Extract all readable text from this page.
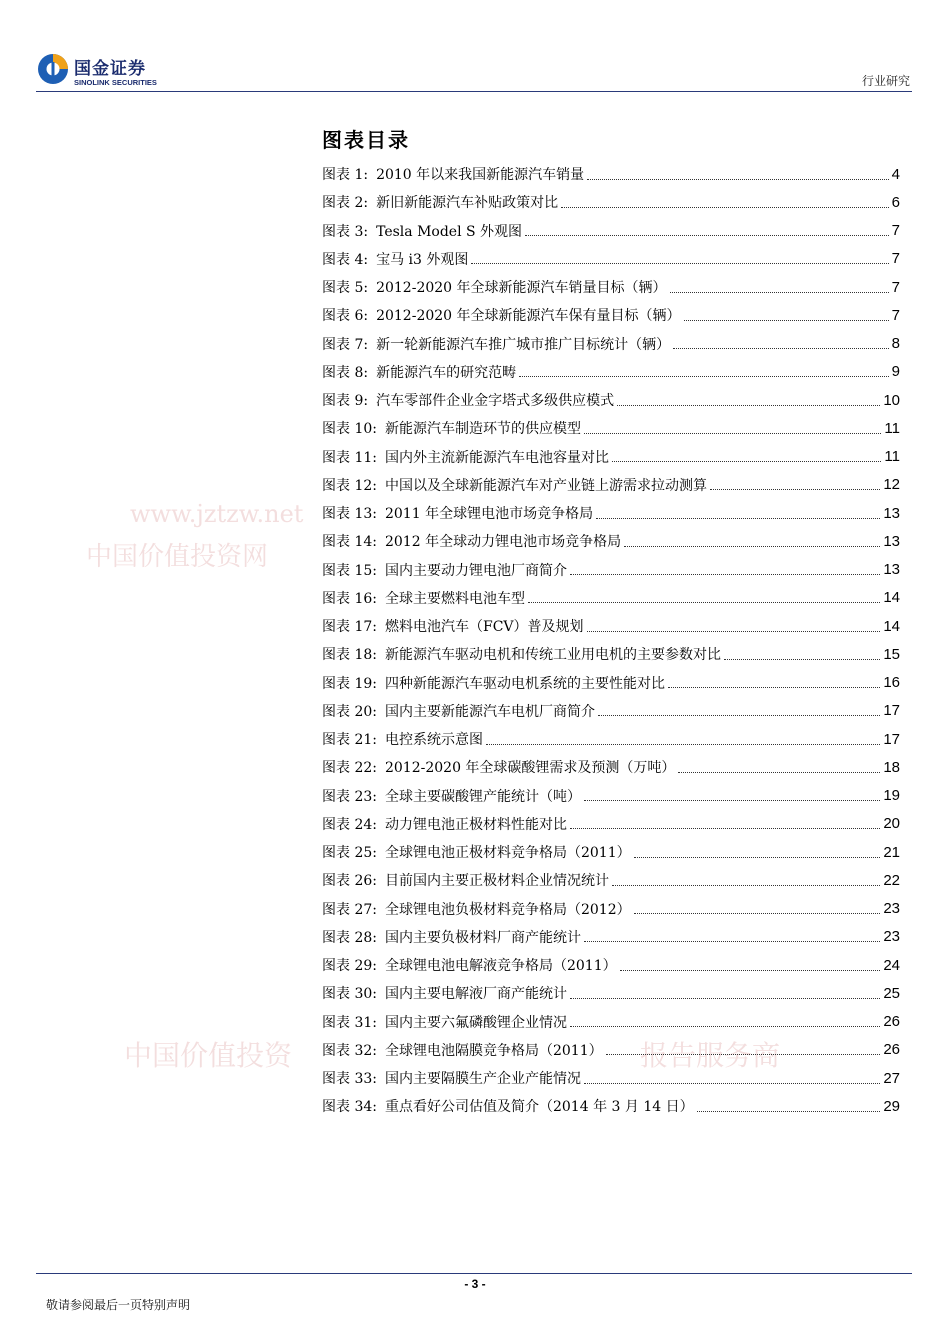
国金证券
SINOLINK SECURITIES	行业研究
www.jztzw.net
中国价值投资网
中国价值投资	报告服务商
图表目录
图表 1: 2010 年以来我国新能源汽车销量	4
图表 2: 新旧新能源汽车补贴政策对比	6
图表 3: Tesla Model S 外观图	7
图表 4: 宝马 i3 外观图	7
图表 5: 2012-2020 年全球新能源汽车销量目标（辆）	7
图表 6: 2012-2020 年全球新能源汽车保有量目标（辆）	7
图表 7: 新一轮新能源汽车推广城市推广目标统计（辆）	8
图表 8: 新能源汽车的研究范畴	9
图表 9: 汽车零部件企业金字塔式多级供应模式	10
图表 10: 新能源汽车制造环节的供应模型	11
图表 11: 国内外主流新能源汽车电池容量对比	11
图表 12: 中国以及全球新能源汽车对产业链上游需求拉动测算	12
图表 13: 2011 年全球锂电池市场竞争格局	13
图表 14: 2012 年全球动力锂电池市场竞争格局	13
图表 15: 国内主要动力锂电池厂商简介	13
图表 16: 全球主要燃料电池车型	14
图表 17: 燃料电池汽车（FCV）普及规划	14
图表 18: 新能源汽车驱动电机和传统工业用电机的主要参数对比	15
图表 19: 四种新能源汽车驱动电机系统的主要性能对比	16
图表 20: 国内主要新能源汽车电机厂商简介	17
图表 21: 电控系统示意图	17
图表 22: 2012-2020 年全球碳酸锂需求及预测（万吨）	18
图表 23: 全球主要碳酸锂产能统计（吨）	19
图表 24: 动力锂电池正极材料性能对比	20
图表 25: 全球锂电池正极材料竞争格局（2011）	21
图表 26: 目前国内主要正极材料企业情况统计	22
图表 27: 全球锂电池负极材料竞争格局（2012）	23
图表 28: 国内主要负极材料厂商产能统计	23
图表 29: 全球锂电池电解液竞争格局（2011）	24
图表 30: 国内主要电解液厂商产能统计	25
图表 31: 国内主要六氟磷酸锂企业情况	26
图表 32: 全球锂电池隔膜竞争格局（2011）	26
图表 33: 国内主要隔膜生产企业产能情况	27
图表 34: 重点看好公司估值及简介（2014 年 3 月 14 日）	29
- 3 -
敬请参阅最后一页特别声明
